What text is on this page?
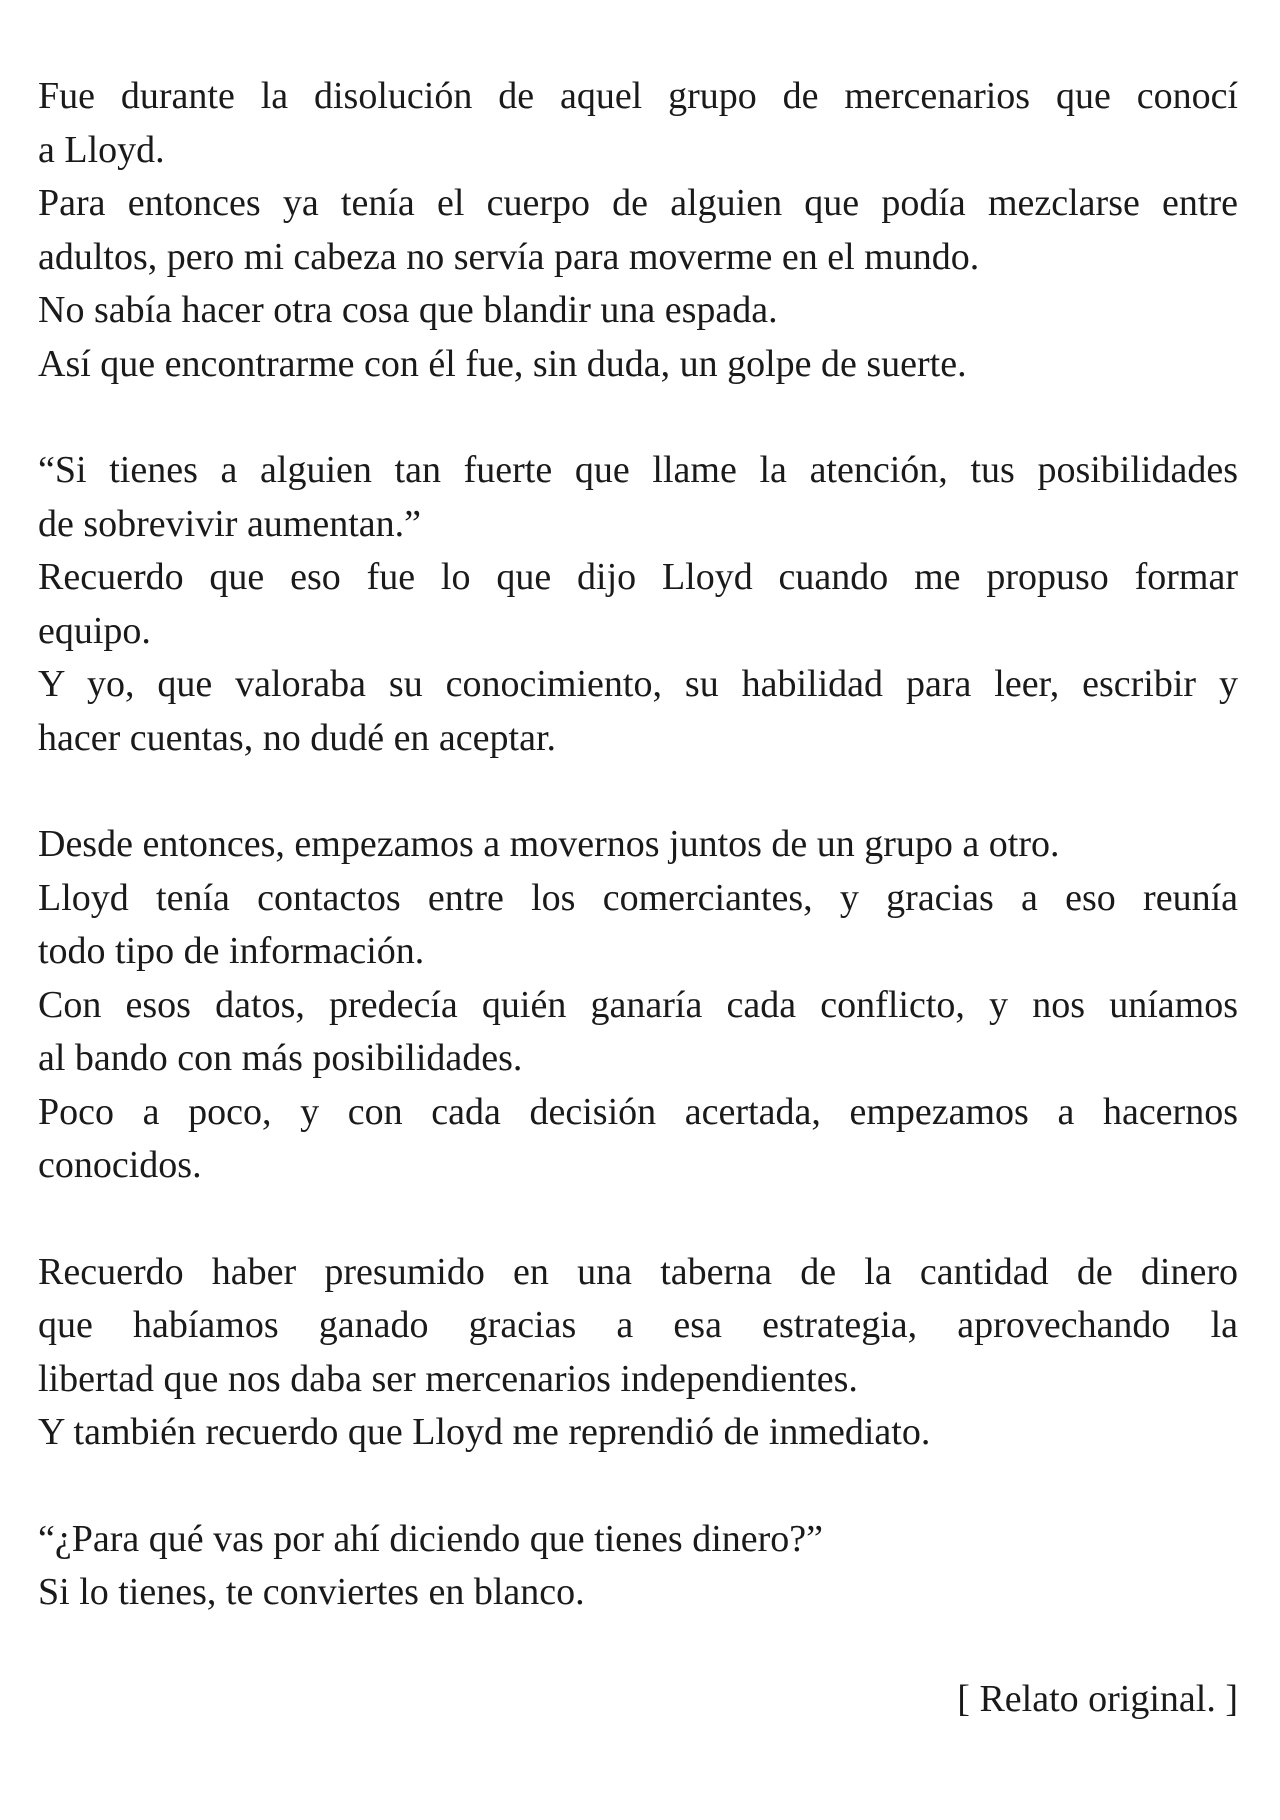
Fue durante la disolución de aquel grupo de mercenarios que conocí
a Lloyd.
Para entonces ya tenía el cuerpo de alguien que podía mezclarse entre
adultos, pero mi cabeza no servía para moverme en el mundo.
No sabía hacer otra cosa que blandir una espada.
Así que encontrarme con él fue, sin duda, un golpe de suerte.
“Si tienes a alguien tan fuerte que llame la atención, tus posibilidades
de sobrevivir aumentan.”
Recuerdo que eso fue lo que dijo Lloyd cuando me propuso formar
equipo.
Y yo, que valoraba su conocimiento, su habilidad para leer, escribir y
hacer cuentas, no dudé en aceptar.
Desde entonces, empezamos a movernos juntos de un grupo a otro.
Lloyd tenía contactos entre los comerciantes, y gracias a eso reunía
todo tipo de información.
Con esos datos, predecía quién ganaría cada conflicto, y nos uníamos
al bando con más posibilidades.
Poco a poco, y con cada decisión acertada, empezamos a hacernos
conocidos.
Recuerdo haber presumido en una taberna de la cantidad de dinero
que habíamos ganado gracias a esa estrategia, aprovechando la
libertad que nos daba ser mercenarios independientes.
Y también recuerdo que Lloyd me reprendió de inmediato.
“¿Para qué vas por ahí diciendo que tienes dinero?”
Si lo tienes, te conviertes en blanco.
[ Relato original. ]
